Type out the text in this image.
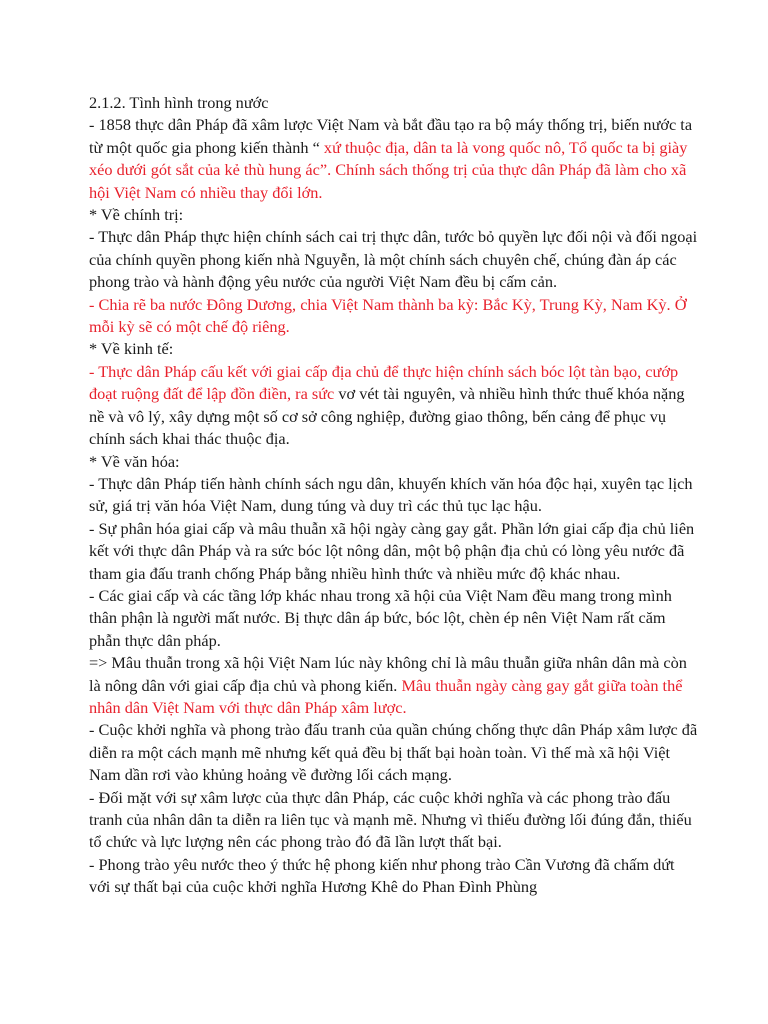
2.1.2. Tình hình trong nước

- 1858 thực dân Pháp đã xâm lược Việt Nam và bắt đầu tạo ra bộ máy thống trị, biến nước ta từ một quốc gia phong kiến thành “ xứ thuộc địa, dân ta là vong quốc nô, Tổ quốc ta bị giày xéo dưới gót sắt của kẻ thù hung ác”. Chính sách thống trị của thực dân Pháp đã làm cho xã hội Việt Nam có nhiều thay đổi lớn.

* Về chính trị:

- Thực dân Pháp thực hiện chính sách cai trị thực dân, tước bỏ quyền lực đối nội và đối ngoại của chính quyền phong kiến nhà Nguyễn, là một chính sách chuyên chế, chúng đàn áp các phong trào và hành động yêu nước của người Việt Nam đều bị cấm cản.

- Chia rẽ ba nước Đông Dương, chia Việt Nam thành ba kỳ: Bắc Kỳ, Trung Kỳ, Nam Kỳ. Ở mỗi kỳ sẽ có một chế độ riêng.

* Về kinh tế:

- Thực dân Pháp cấu kết với giai cấp địa chủ để thực hiện chính sách bóc lột tàn bạo, cướp đoạt ruộng đất để lập đồn điền, ra sức vơ vét tài nguyên, và nhiều hình thức thuế khóa nặng nề và vô lý, xây dựng một số cơ sở công nghiệp, đường giao thông, bến cảng để phục vụ chính sách khai thác thuộc địa.

* Về văn hóa:

- Thực dân Pháp tiến hành chính sách ngu dân, khuyến khích văn hóa độc hại, xuyên tạc lịch sử, giá trị văn hóa Việt Nam, dung túng và duy trì các thủ tục lạc hậu.

- Sự phân hóa giai cấp và mâu thuẫn xã hội ngày càng gay gắt. Phần lớn giai cấp địa chủ liên kết với thực dân Pháp và ra sức bóc lột nông dân, một bộ phận địa chủ có lòng yêu nước đã tham gia đấu tranh chống Pháp bằng nhiều hình thức và nhiều mức độ khác nhau.

- Các giai cấp và các tầng lớp khác nhau trong xã hội của Việt Nam đều mang trong mình thân phận là người mất nước. Bị thực dân áp bức, bóc lột, chèn ép nên Việt Nam rất căm phẫn thực dân pháp.

=> Mâu thuẫn trong xã hội Việt Nam lúc này không chỉ là mâu thuẫn giữa nhân dân mà còn là nông dân với giai cấp địa chủ và phong kiến. Mâu thuẫn ngày càng gay gắt giữa toàn thể nhân dân Việt Nam với thực dân Pháp xâm lược.

- Cuộc khởi nghĩa và phong trào đấu tranh của quần chúng chống thực dân Pháp xâm lược đã diễn ra một cách mạnh mẽ nhưng kết quả đều bị thất bại hoàn toàn. Vì thế mà xã hội Việt Nam dần rơi vào khủng hoảng về đường lối cách mạng.

- Đối mặt với sự xâm lược của thực dân Pháp, các cuộc khởi nghĩa và các phong trào đấu tranh của nhân dân ta diễn ra liên tục và mạnh mẽ. Nhưng vì thiếu đường lối đúng đắn, thiếu tổ chức và lực lượng nên các phong trào đó đã lần lượt thất bại.

- Phong trào yêu nước theo ý thức hệ phong kiến như phong trào Cần Vương đã chấm dứt với sự thất bại của cuộc khởi nghĩa Hương Khê do Phan Đình Phùng
